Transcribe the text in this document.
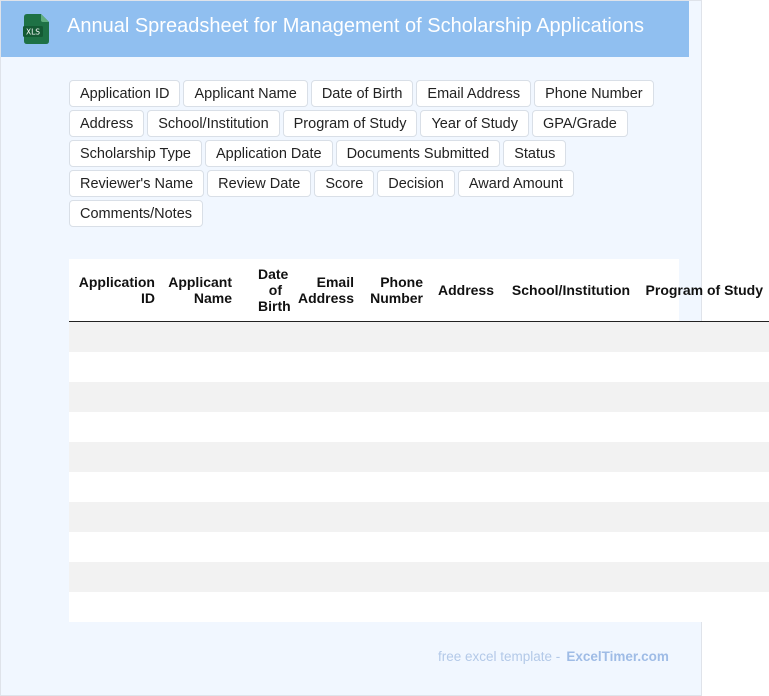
XLS Annual Spreadsheet for Management of Scholarship Applications
Application ID	Applicant Name	Date of Birth	Email Address	Phone Number
Address	School/Institution	Program of Study	Year of Study	GPA/Grade
Scholarship Type	Application Date	Documents Submitted	Status
Reviewer's Name	Review Date	Score	Decision	Award Amount
Comments/Notes
Application ID	Applicant Name	Date of Birth	Email Address	Phone Number	Address	School/Institution	Program of Study

free excel template - ExcelTimer.com
